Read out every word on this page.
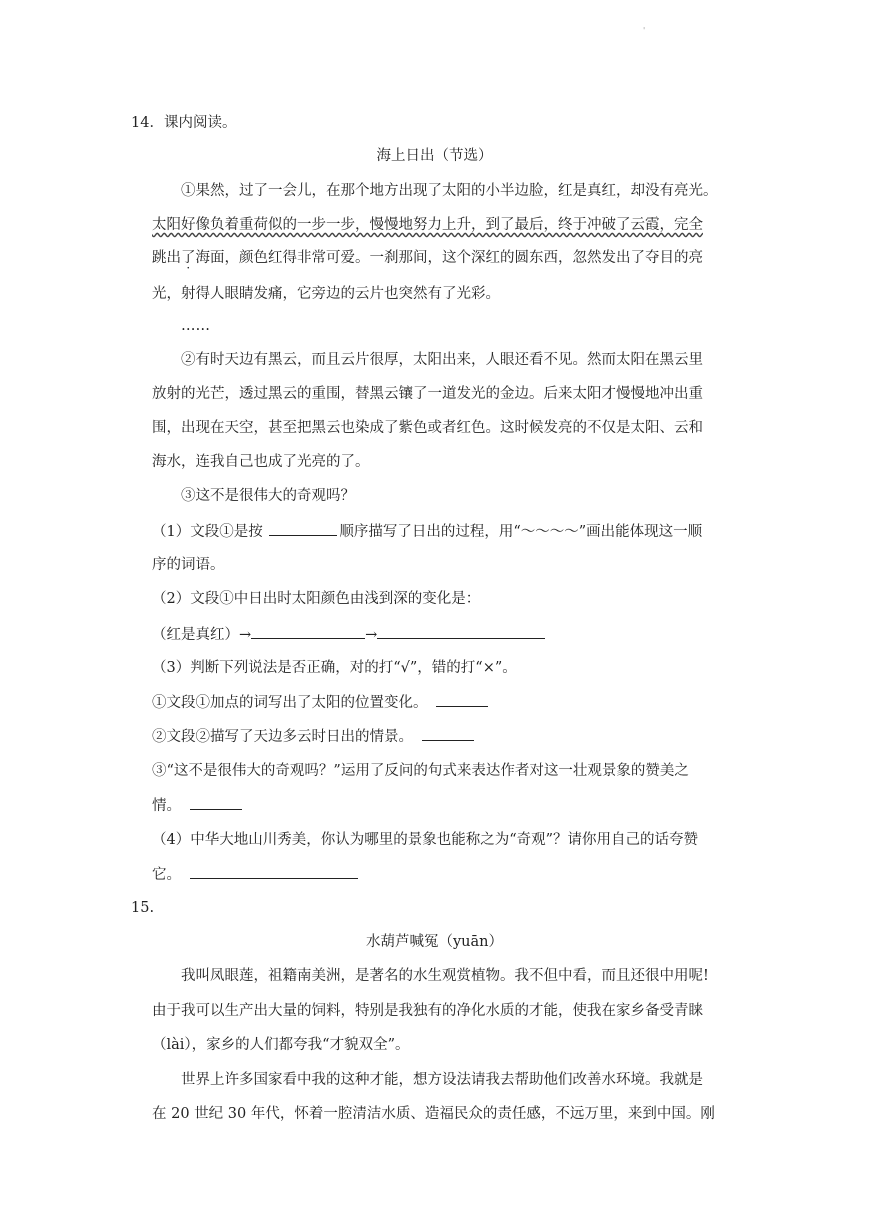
'
14．课内阅读。
海上日出（节选）
①果然，过了一会儿，在那个地方出现了太阳的小半边脸，红是真红，却没有亮光。
太阳好像负着重荷似的一步一步，慢慢地努力上升，到了最后，终于冲破了云霞，完全
跳出了海面 ·，颜色红得非常可爱。一刹那间，这个深红的圆东西，忽然发出了夺目的亮
光，射得人眼睛发痛，它旁边的云片也突然有了光彩。
……
②有时天边有黑云，而且云片很厚，太阳出来，人眼还看不见。然而太阳在黑云里
放射的光芒，透过黑云的重围，替黑云镶了一道发光的金边。后来太阳才慢慢地冲出重
围，出现在天空，甚至把黑云也染成了紫色或者红色。这时候发亮的不仅是太阳、云和
海水，连我自己也成了光亮的了。
③这不是很伟大的奇观吗？
（1）文段①是按	顺序描写了日出的过程，用“～～～～”画出能体现这一顺
序的词语。
（2）文段①中日出时太阳颜色由浅到深的变化是：
（红是真红）→	→
（3）判断下列说法是否正确，对的打“√”，错的打“×”。
①文段①加点的词写出了太阳的位置变化。
②文段②描写了天边多云时日出的情景。
③“这不是很伟大的奇观吗？”运用了反问的句式来表达作者对这一壮观景象的赞美之
情。
（4）中华大地山川秀美，你认为哪里的景象也能称之为“奇观”？请你用自己的话夸赞
它。
15.
水葫芦喊冤（yuān）
我叫凤眼莲，祖籍南美洲，是著名的水生观赏植物。我不但中看，而且还很中用呢!
由于我可以生产出大量的饲料，特别是我独有的净化水质的才能，使我在家乡备受青睐
（lài），家乡的人们都夸我“才貌双全”。
世界上许多国家看中我的这种才能，想方设法请我去帮助他们改善水环境。我就是
在 20 世纪 30 年代，怀着一腔清洁水质、造福民众的责任感，不远万里，来到中国。刚
